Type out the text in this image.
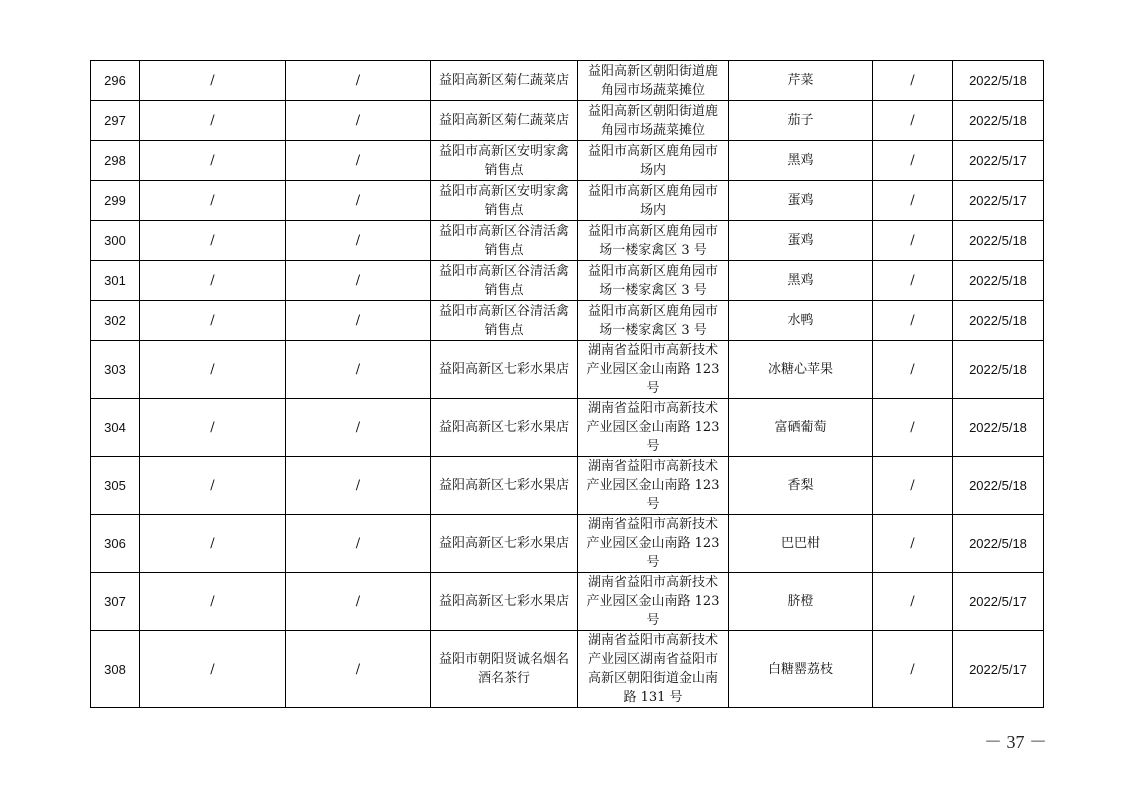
296	/	/	益阳高新区菊仁蔬菜店	益阳高新区朝阳街道鹿角园市场蔬菜摊位	芹菜	/	2022/5/18
297	/	/	益阳高新区菊仁蔬菜店	益阳高新区朝阳街道鹿角园市场蔬菜摊位	茄子	/	2022/5/18
298	/	/	益阳市高新区安明家禽销售点	益阳市高新区鹿角园市场内	黑鸡	/	2022/5/17
299	/	/	益阳市高新区安明家禽销售点	益阳市高新区鹿角园市场内	蛋鸡	/	2022/5/17
300	/	/	益阳市高新区谷清活禽销售点	益阳市高新区鹿角园市场一楼家禽区 3 号	蛋鸡	/	2022/5/18
301	/	/	益阳市高新区谷清活禽销售点	益阳市高新区鹿角园市场一楼家禽区 3 号	黑鸡	/	2022/5/18
302	/	/	益阳市高新区谷清活禽销售点	益阳市高新区鹿角园市场一楼家禽区 3 号	水鸭	/	2022/5/18
303	/	/	益阳高新区七彩水果店	湖南省益阳市高新技术产业园区金山南路 123 号	冰糖心苹果	/	2022/5/18
304	/	/	益阳高新区七彩水果店	湖南省益阳市高新技术产业园区金山南路 123 号	富硒葡萄	/	2022/5/18
305	/	/	益阳高新区七彩水果店	湖南省益阳市高新技术产业园区金山南路 123 号	香梨	/	2022/5/18
306	/	/	益阳高新区七彩水果店	湖南省益阳市高新技术产业园区金山南路 123 号	巴巴柑	/	2022/5/18
307	/	/	益阳高新区七彩水果店	湖南省益阳市高新技术产业园区金山南路 123 号	脐橙	/	2022/5/17
308	/	/	益阳市朝阳贤诚名烟名酒名茶行	湖南省益阳市高新技术产业园区湖南省益阳市高新区朝阳街道金山南路 131 号	白糖罂荔枝	/	2022/5/17
－ 37 －
